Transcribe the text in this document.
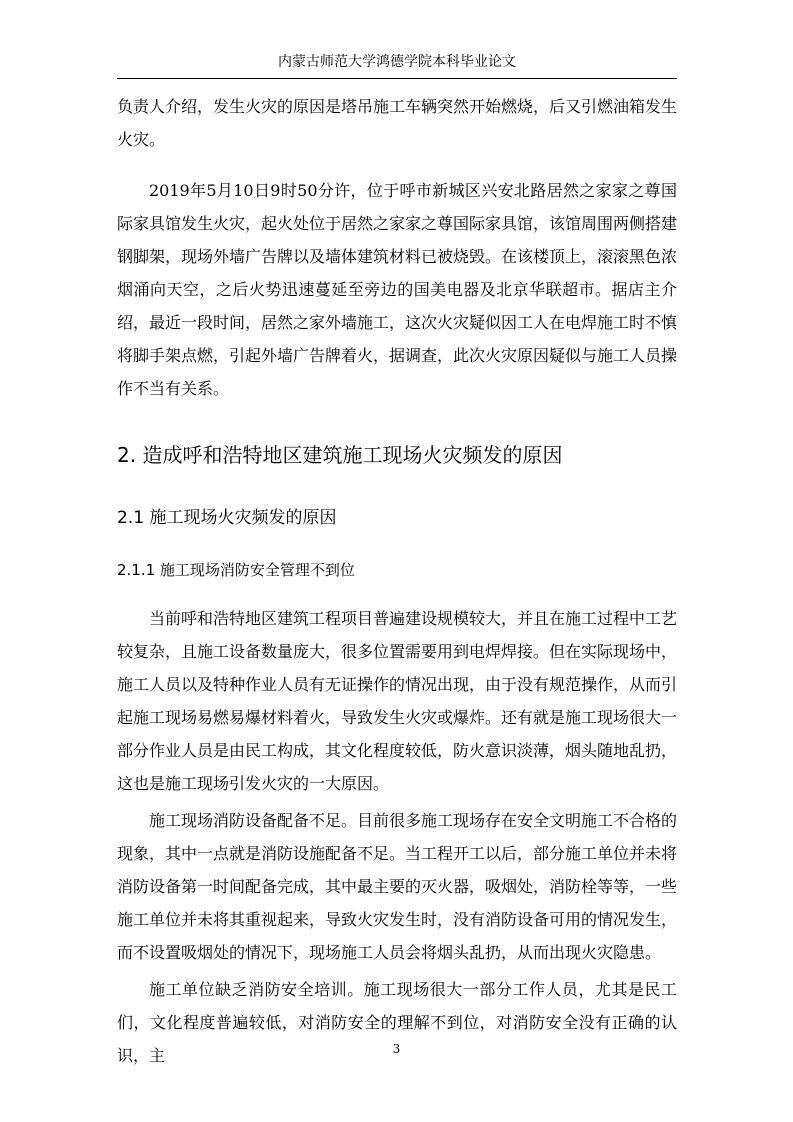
内蒙古师范大学鸿德学院本科毕业论文

负责人介绍，发生火灾的原因是塔吊施工车辆突然开始燃烧，后又引燃油箱发生火灾。

2019年5月10日9时50分许，位于呼市新城区兴安北路居然之家家之尊国际家具馆发生火灾，起火处位于居然之家家之尊国际家具馆，该馆周围两侧搭建钢脚架，现场外墙广告牌以及墙体建筑材料已被烧毁。在该楼顶上，滚滚黑色浓烟涌向天空，之后火势迅速蔓延至旁边的国美电器及北京华联超市。据店主介绍，最近一段时间，居然之家外墙施工，这次火灾疑似因工人在电焊施工时不慎将脚手架点燃，引起外墙广告牌着火，据调查，此次火灾原因疑似与施工人员操作不当有关系。

2. 造成呼和浩特地区建筑施工现场火灾频发的原因
2.1 施工现场火灾频发的原因
2.1.1 施工现场消防安全管理不到位

当前呼和浩特地区建筑工程项目普遍建设规模较大，并且在施工过程中工艺较复杂，且施工设备数量庞大，很多位置需要用到电焊焊接。但在实际现场中，施工人员以及特种作业人员有无证操作的情况出现，由于没有规范操作，从而引起施工现场易燃易爆材料着火，导致发生火灾或爆炸。还有就是施工现场很大一部分作业人员是由民工构成，其文化程度较低，防火意识淡薄，烟头随地乱扔，这也是施工现场引发火灾的一大原因。

施工现场消防设备配备不足。目前很多施工现场存在安全文明施工不合格的现象，其中一点就是消防设施配备不足。当工程开工以后，部分施工单位并未将消防设备第一时间配备完成，其中最主要的灭火器，吸烟处，消防栓等等，一些施工单位并未将其重视起来，导致火灾发生时，没有消防设备可用的情况发生，而不设置吸烟处的情况下，现场施工人员会将烟头乱扔，从而出现火灾隐患。

施工单位缺乏消防安全培训。施工现场很大一部分工作人员，尤其是民工们，文化程度普遍较低，对消防安全的理解不到位，对消防安全没有正确的认识，主	3
